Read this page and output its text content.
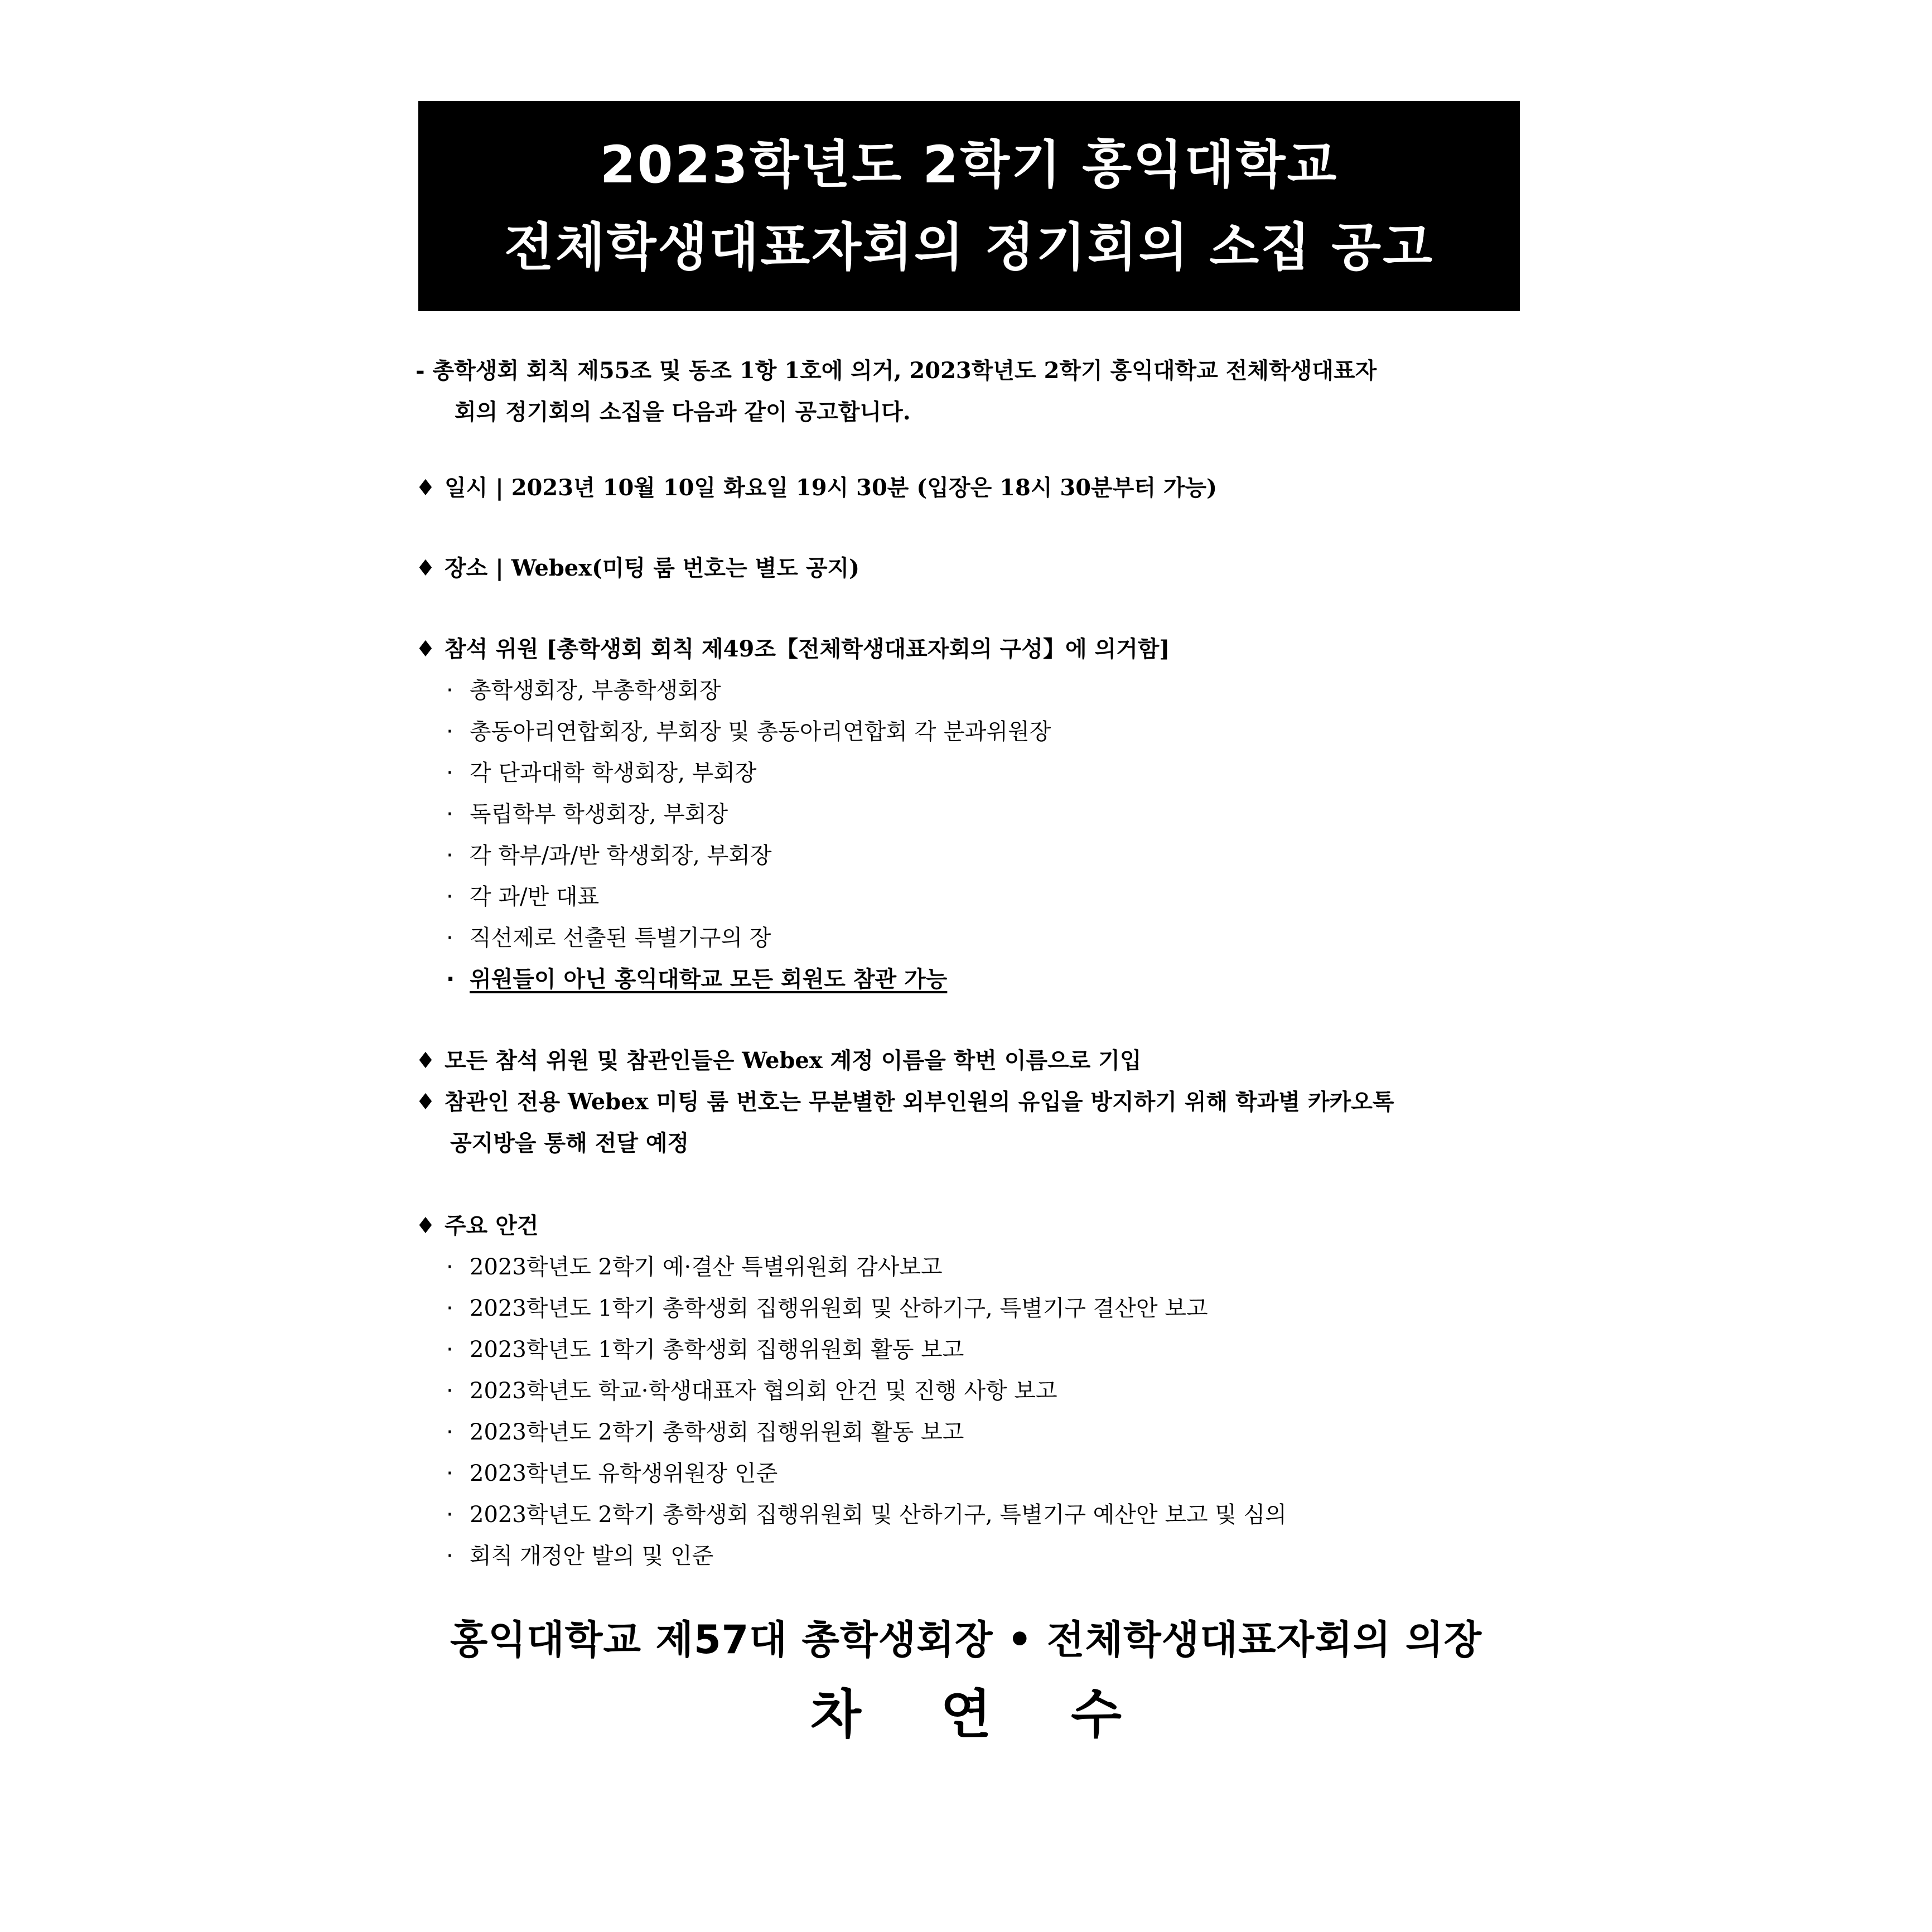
2023학년도 2학기 홍익대학교
전체학생대표자회의 정기회의 소집 공고
- 총학생회 회칙 제55조 및 동조 1항 1호에 의거, 2023학년도 2학기 홍익대학교 전체학생대표자
회의 정기회의 소집을 다음과 같이 공고합니다.
♦ 일시 | 2023년 10월 10일 화요일 19시 30분 (입장은 18시 30분부터 가능)
♦ 장소 | Webex(미팅 룸 번호는 별도 공지)
♦ 참석 위원 [총학생회 회칙 제49조【전체학생대표자회의 구성】에 의거함]
· 총학생회장, 부총학생회장
· 총동아리연합회장, 부회장 및 총동아리연합회 각 분과위원장
· 각 단과대학 학생회장, 부회장
· 독립학부 학생회장, 부회장
· 각 학부/과/반 학생회장, 부회장
· 각 과/반 대표
· 직선제로 선출된 특별기구의 장
· 위원들이 아닌 홍익대학교 모든 회원도 참관 가능
♦ 모든 참석 위원 및 참관인들은 Webex 계정 이름을 학번 이름으로 기입
♦ 참관인 전용 Webex 미팅 룸 번호는 무분별한 외부인원의 유입을 방지하기 위해 학과별 카카오톡
공지방을 통해 전달 예정
♦ 주요 안건
· 2023학년도 2학기 예·결산 특별위원회 감사보고
· 2023학년도 1학기 총학생회 집행위원회 및 산하기구, 특별기구 결산안 보고
· 2023학년도 1학기 총학생회 집행위원회 활동 보고
· 2023학년도 학교·학생대표자 협의회 안건 및 진행 사항 보고
· 2023학년도 2학기 총학생회 집행위원회 활동 보고
· 2023학년도 유학생위원장 인준
· 2023학년도 2학기 총학생회 집행위원회 및 산하기구, 특별기구 예산안 보고 및 심의
· 회칙 개정안 발의 및 인준
홍익대학교 제57대 총학생회장 • 전체학생대표자회의 의장
차 연 수
